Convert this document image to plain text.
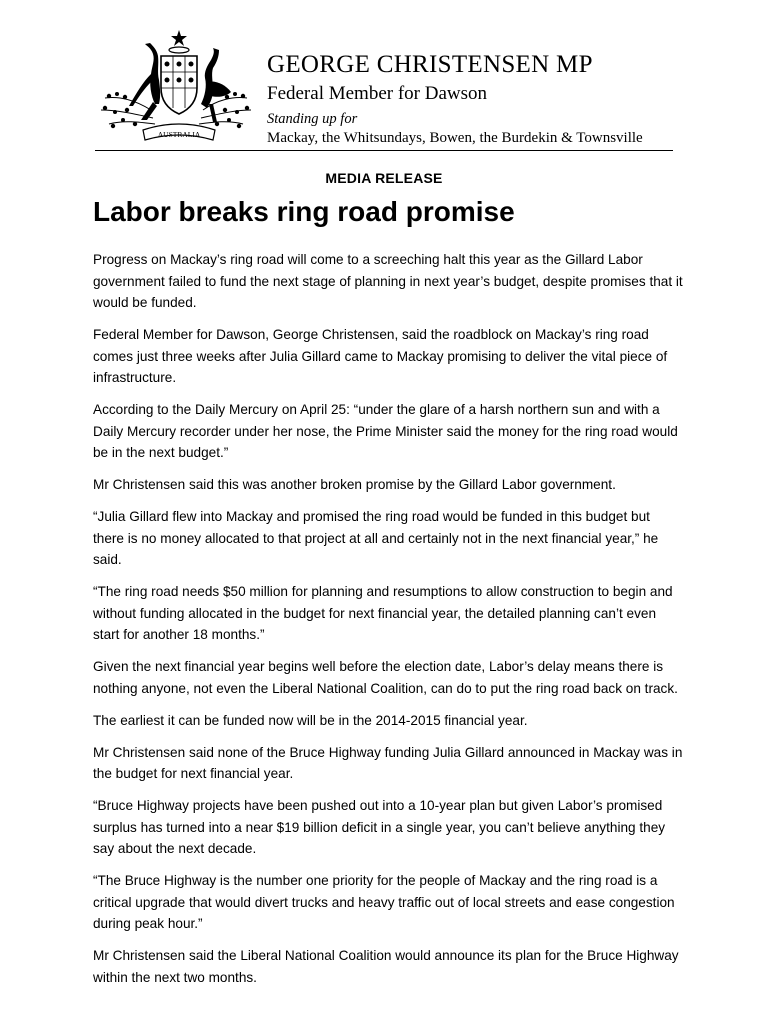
AUSTRALIA
GEORGE CHRISTENSEN MP
Federal Member for Dawson
Standing up for
Mackay, the Whitsundays, Bowen, the Burdekin & Townsville
MEDIA RELEASE
Labor breaks ring road promise

Progress on Mackay’s ring road will come to a screeching halt this year as the Gillard Labor government failed to fund the next stage of planning in next year’s budget, despite promises that it would be funded.

Federal Member for Dawson, George Christensen, said the roadblock on Mackay’s ring road comes just three weeks after Julia Gillard came to Mackay promising to deliver the vital piece of infrastructure.

According to the Daily Mercury on April 25: “under the glare of a harsh northern sun and with a Daily Mercury recorder under her nose, the Prime Minister said the money for the ring road would be in the next budget.”

Mr Christensen said this was another broken promise by the Gillard Labor government.

“Julia Gillard flew into Mackay and promised the ring road would be funded in this budget but there is no money allocated to that project at all and certainly not in the next financial year,” he said.

“The ring road needs $50 million for planning and resumptions to allow construction to begin and without funding allocated in the budget for next financial year, the detailed planning can’t even start for another 18 months.”

Given the next financial year begins well before the election date, Labor’s delay means there is nothing anyone, not even the Liberal National Coalition, can do to put the ring road back on track.

The earliest it can be funded now will be in the 2014-2015 financial year.

Mr Christensen said none of the Bruce Highway funding Julia Gillard announced in Mackay was in the budget for next financial year.

“Bruce Highway projects have been pushed out into a 10-year plan but given Labor’s promised surplus has turned into a near $19 billion deficit in a single year, you can’t believe anything they say about the next decade.

“The Bruce Highway is the number one priority for the people of Mackay and the ring road is a critical upgrade that would divert trucks and heavy traffic out of local streets and ease congestion during peak hour.”

Mr Christensen said the Liberal National Coalition would announce its plan for the Bruce Highway within the next two months.
